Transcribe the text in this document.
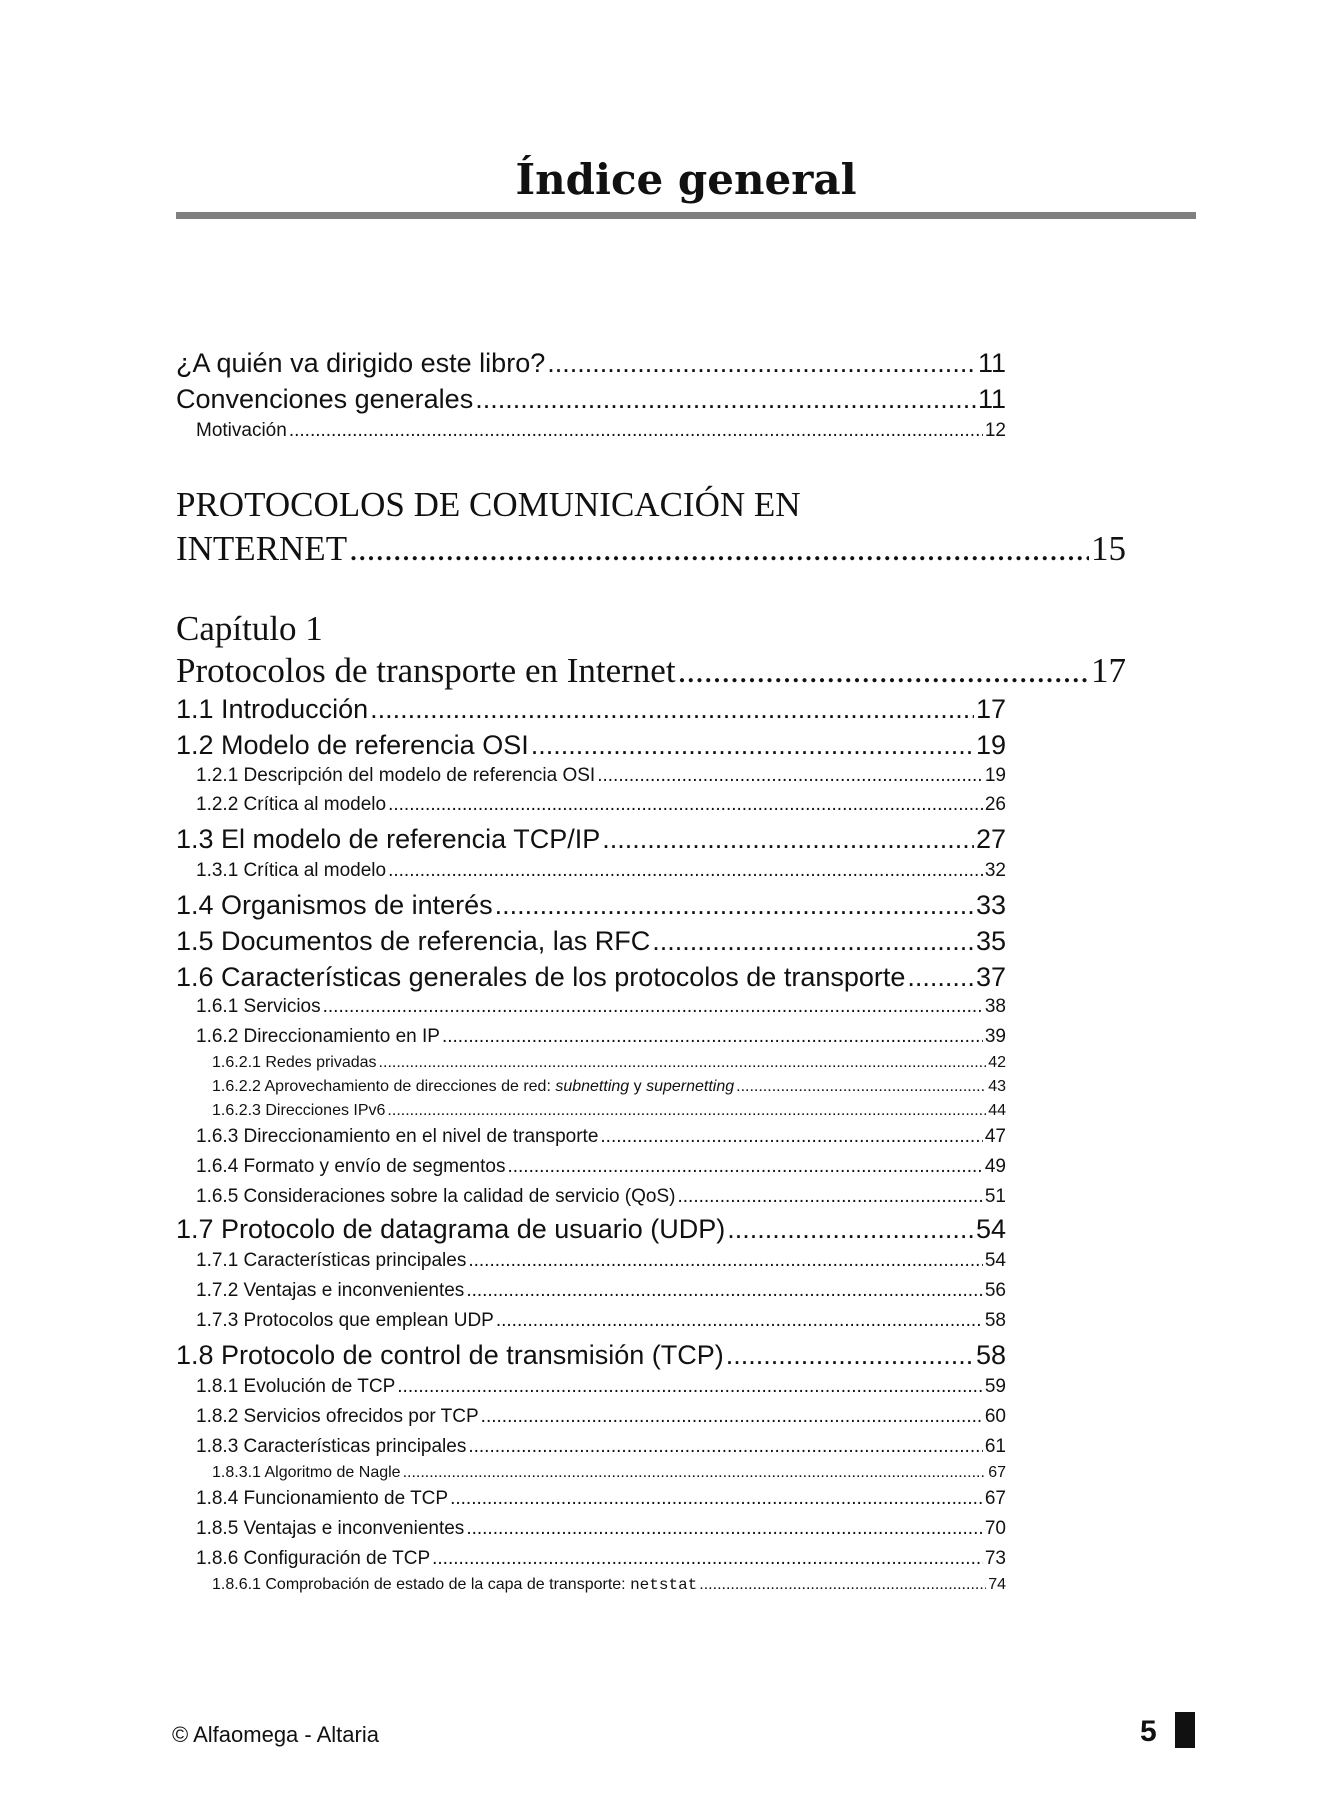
Índice general
¿A quién va dirigido este libro? .....	11
Convenciones generales .....	11
Motivación .....	12
PROTOCOLOS DE COMUNICACIÓN EN
INTERNET .....	15
Capítulo 1
Protocolos de transporte en Internet .....	17
1.1 Introducción .....	17
1.2 Modelo de referencia OSI .....	19
1.2.1 Descripción del modelo de referencia OSI .....	19
1.2.2 Crítica al modelo .....	26
1.3 El modelo de referencia TCP/IP .....	27
1.3.1 Crítica al modelo .....	32
1.4 Organismos de interés .....	33
1.5 Documentos de referencia, las RFC .....	35
1.6 Características generales de los protocolos de transporte .....	37
1.6.1 Servicios .....	38
1.6.2 Direccionamiento en IP .....	39
1.6.2.1 Redes privadas .....	42
1.6.2.2 Aprovechamiento de direcciones de red: subnetting y supernetting .....	43
1.6.2.3 Direcciones IPv6 .....	44
1.6.3 Direccionamiento en el nivel de transporte .....	47
1.6.4 Formato y envío de segmentos .....	49
1.6.5 Consideraciones sobre la calidad de servicio (QoS) .....	51
1.7 Protocolo de datagrama de usuario (UDP) .....	54
1.7.1 Características principales .....	54
1.7.2 Ventajas e inconvenientes .....	56
1.7.3 Protocolos que emplean UDP .....	58
1.8 Protocolo de control de transmisión (TCP) .....	58
1.8.1 Evolución de TCP .....	59
1.8.2 Servicios ofrecidos por TCP .....	60
1.8.3 Características principales .....	61
1.8.3.1 Algoritmo de Nagle .....	67
1.8.4 Funcionamiento de TCP .....	67
1.8.5 Ventajas e inconvenientes .....	70
1.8.6 Configuración de TCP .....	73
1.8.6.1 Comprobación de estado de la capa de transporte: netstat .....	74
© Alfaomega - Altaria	5
